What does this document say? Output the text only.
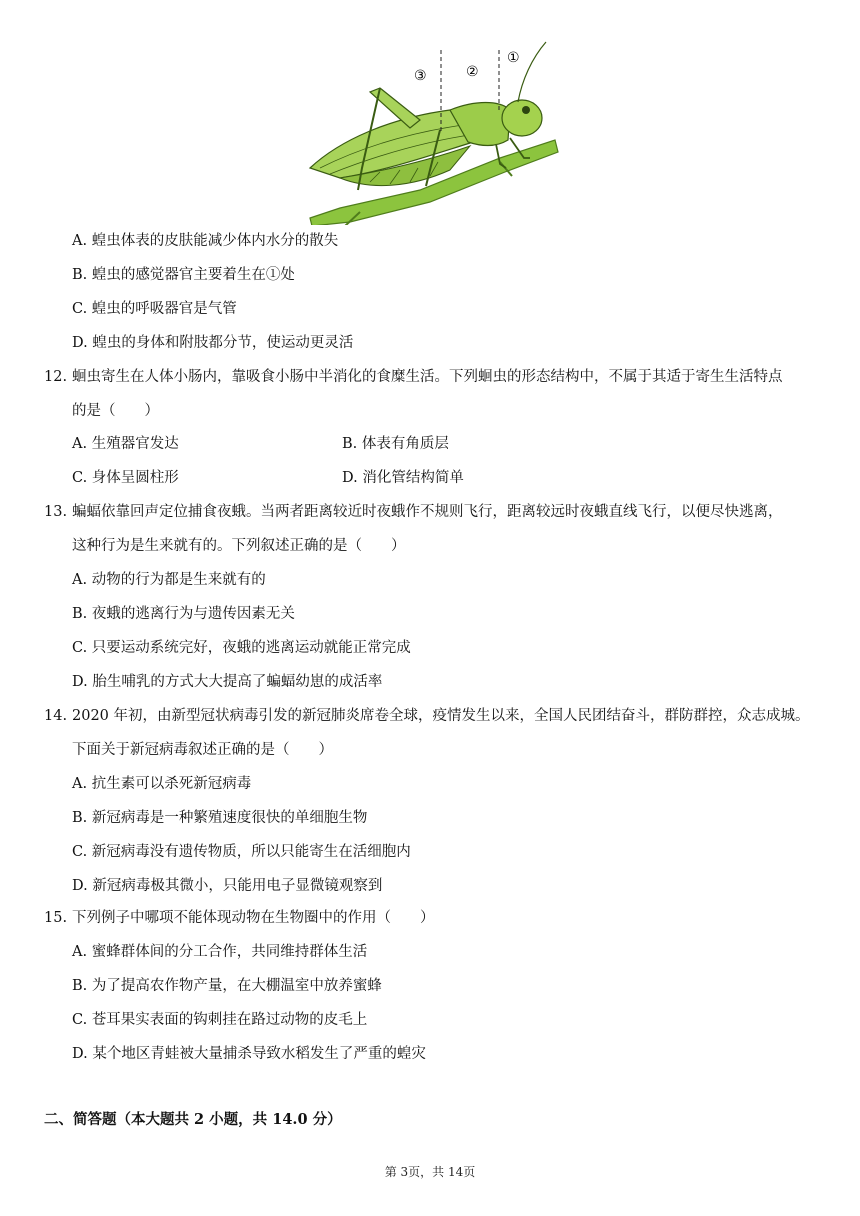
③	②
①
A. 蝗虫体表的皮肤能减少体内水分的散失
B. 蝗虫的感觉器官主要着生在①处
C. 蝗虫的呼吸器官是气管
D. 蝗虫的身体和附肢都分节，使运动更灵活
12. 蛔虫寄生在人体小肠内，靠吸食小肠中半消化的食糜生活。下列蛔虫的形态结构中，不属于其适于寄生生活特点
的是（　　）
A. 生殖器官发达	B. 体表有角质层
C. 身体呈圆柱形	D. 消化管结构简单
13. 蝙蝠依靠回声定位捕食夜蛾。当两者距离较近时夜蛾作不规则飞行，距离较远时夜蛾直线飞行，以便尽快逃离，
这种行为是生来就有的。下列叙述正确的是（　　）
A. 动物的行为都是生来就有的
B. 夜蛾的逃离行为与遗传因素无关
C. 只要运动系统完好，夜蛾的逃离运动就能正常完成
D. 胎生哺乳的方式大大提高了蝙蝠幼崽的成活率
14. 2020 年初，由新型冠状病毒引发的新冠肺炎席卷全球，疫情发生以来，全国人民团结奋斗，群防群控，众志成城。
下面关于新冠病毒叙述正确的是（　　）
A. 抗生素可以杀死新冠病毒
B. 新冠病毒是一种繁殖速度很快的单细胞生物
C. 新冠病毒没有遗传物质，所以只能寄生在活细胞内
D. 新冠病毒极其微小，只能用电子显微镜观察到
15. 下列例子中哪项不能体现动物在生物圈中的作用（　　）
A. 蜜蜂群体间的分工合作，共同维持群体生活
B. 为了提高农作物产量，在大棚温室中放养蜜蜂
C. 苍耳果实表面的钩刺挂在路过动物的皮毛上
D. 某个地区青蛙被大量捕杀导致水稻发生了严重的蝗灾
二、简答题（本大题共 2 小题，共 14.0 分）
第 3页，共 14页
